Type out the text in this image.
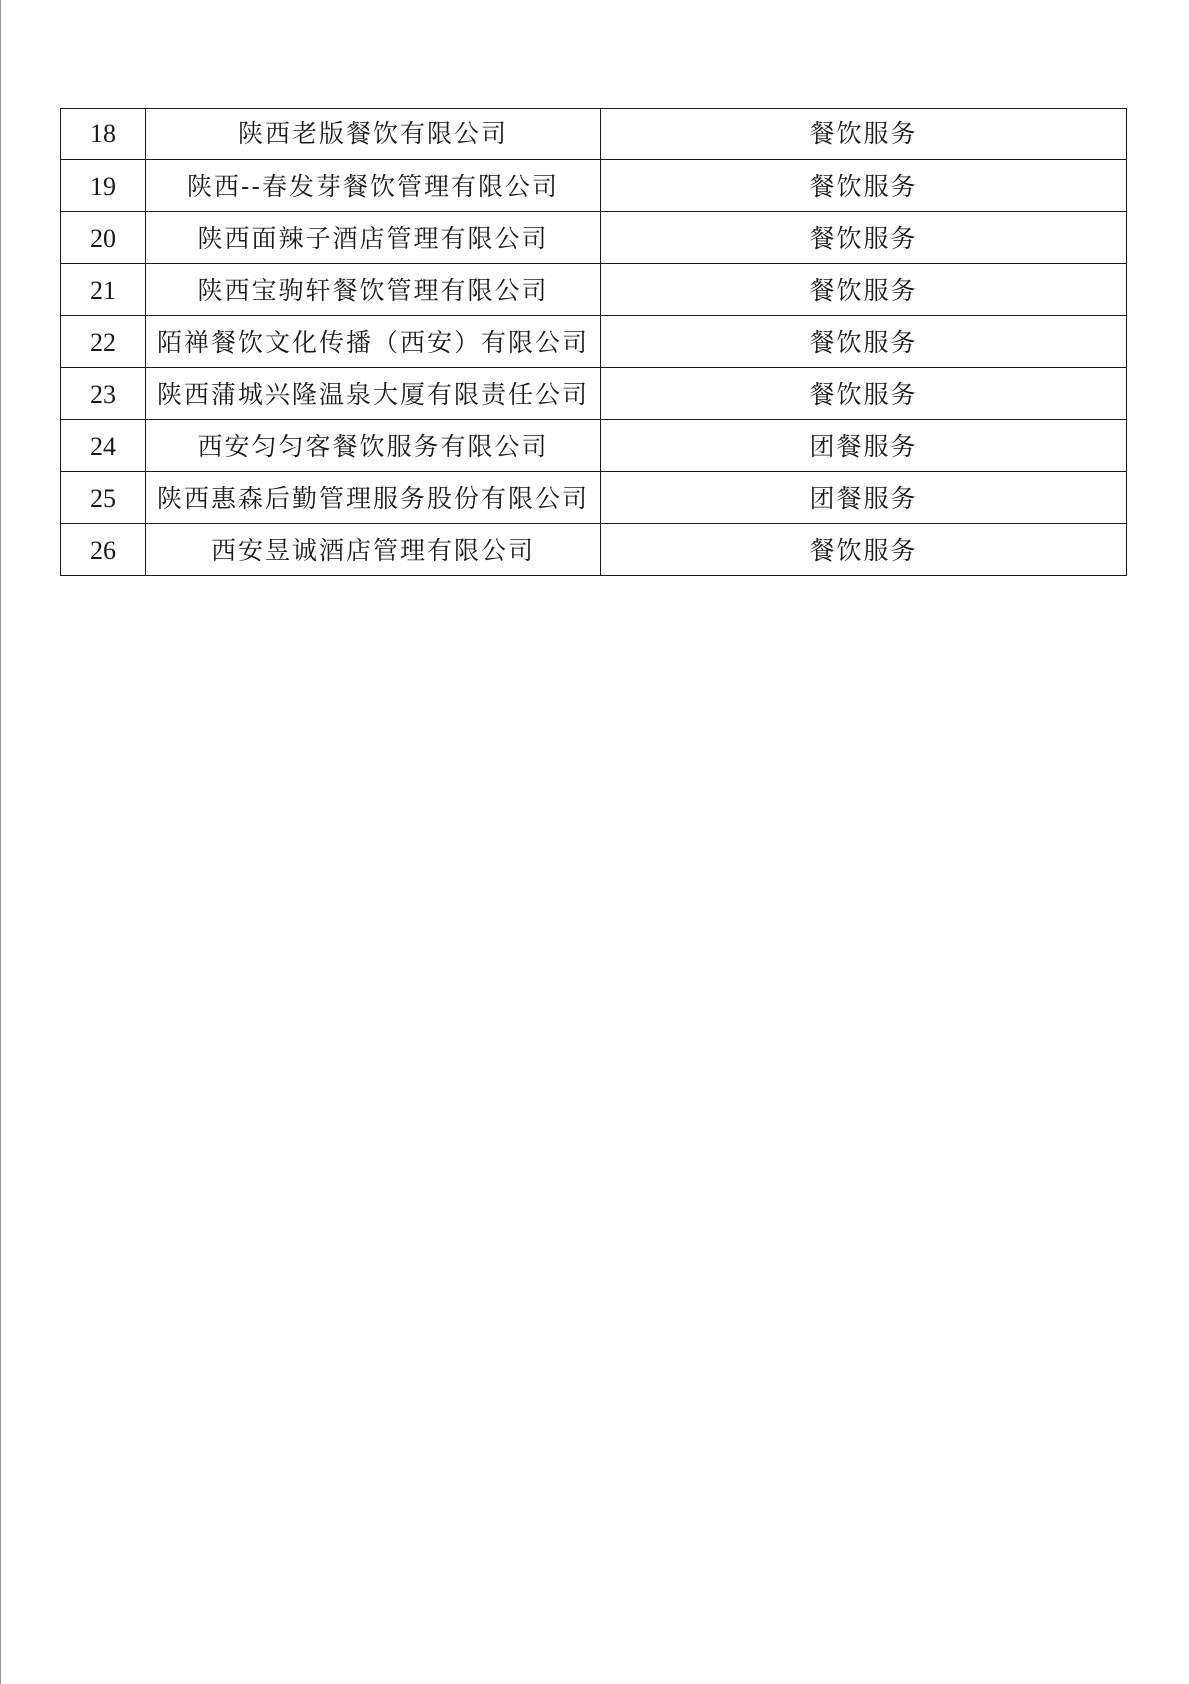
18	陕西老版餐饮有限公司	餐饮服务
19	陕西--春发芽餐饮管理有限公司	餐饮服务
20	陕西面辣子酒店管理有限公司	餐饮服务
21	陕西宝驹轩餐饮管理有限公司	餐饮服务
22	陌禅餐饮文化传播（西安）有限公司	餐饮服务
23	陕西蒲城兴隆温泉大厦有限责任公司	餐饮服务
24	西安匀匀客餐饮服务有限公司	团餐服务
25	陕西惠森后勤管理服务股份有限公司	团餐服务
26	西安昱诚酒店管理有限公司	餐饮服务
